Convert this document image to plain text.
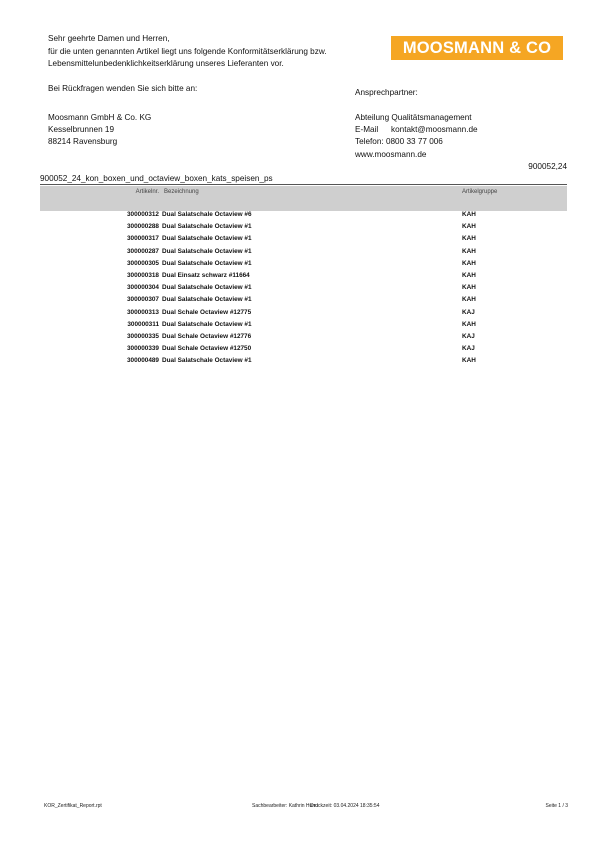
Sehr geehrte Damen und Herren,
für die unten genannten Artikel liegt uns folgende Konformitätserklärung bzw.
Lebensmittelunbedenklichkeitserklärung unseres Lieferanten vor.
Bei Rückfragen wenden Sie sich bitte an:
MOOSMANN & CO
Ansprechpartner:
Moosmann GmbH & Co. KG
Kesselbrunnen 19
88214 Ravensburg
Abteilung Qualitätsmanagement
E-Mail kontakt@moosmann.de
Telefon: 0800 33 77 006
www.moosmann.de
900052,24
900052_24_kon_boxen_und_octaview_boxen_kats_speisen_ps
Artikelnr. Bezeichnung	Artikelgruppe
300000312 Dual Salatschale Octaview #6	KAH
300000288 Dual Salatschale Octaview #1	KAH
300000317 Dual Salatschale Octaview #1	KAH
300000287 Dual Salatschale Octaview #1	KAH
300000305 Dual Salatschale Octaview #1	KAH
300000318 Dual Einsatz schwarz #11664	KAH
300000304 Dual Salatschale Octaview #1	KAH
300000307 Dual Salatschale Octaview #1	KAH
300000313 Dual Schale Octaview #12775	KAJ
300000311 Dual Salatschale Octaview #1	KAH
300000335 Dual Schale Octaview #12776	KAJ
300000339 Dual Schale Octaview #12750	KAJ
300000489 Dual Salatschale Octaview #1	KAH
KOR_Zertifikat_Report.rpt	Sachbearbeiter: Kathrin Hund
Druckzeit: 03.04.2024 18:35:54	Seite 1 / 3
